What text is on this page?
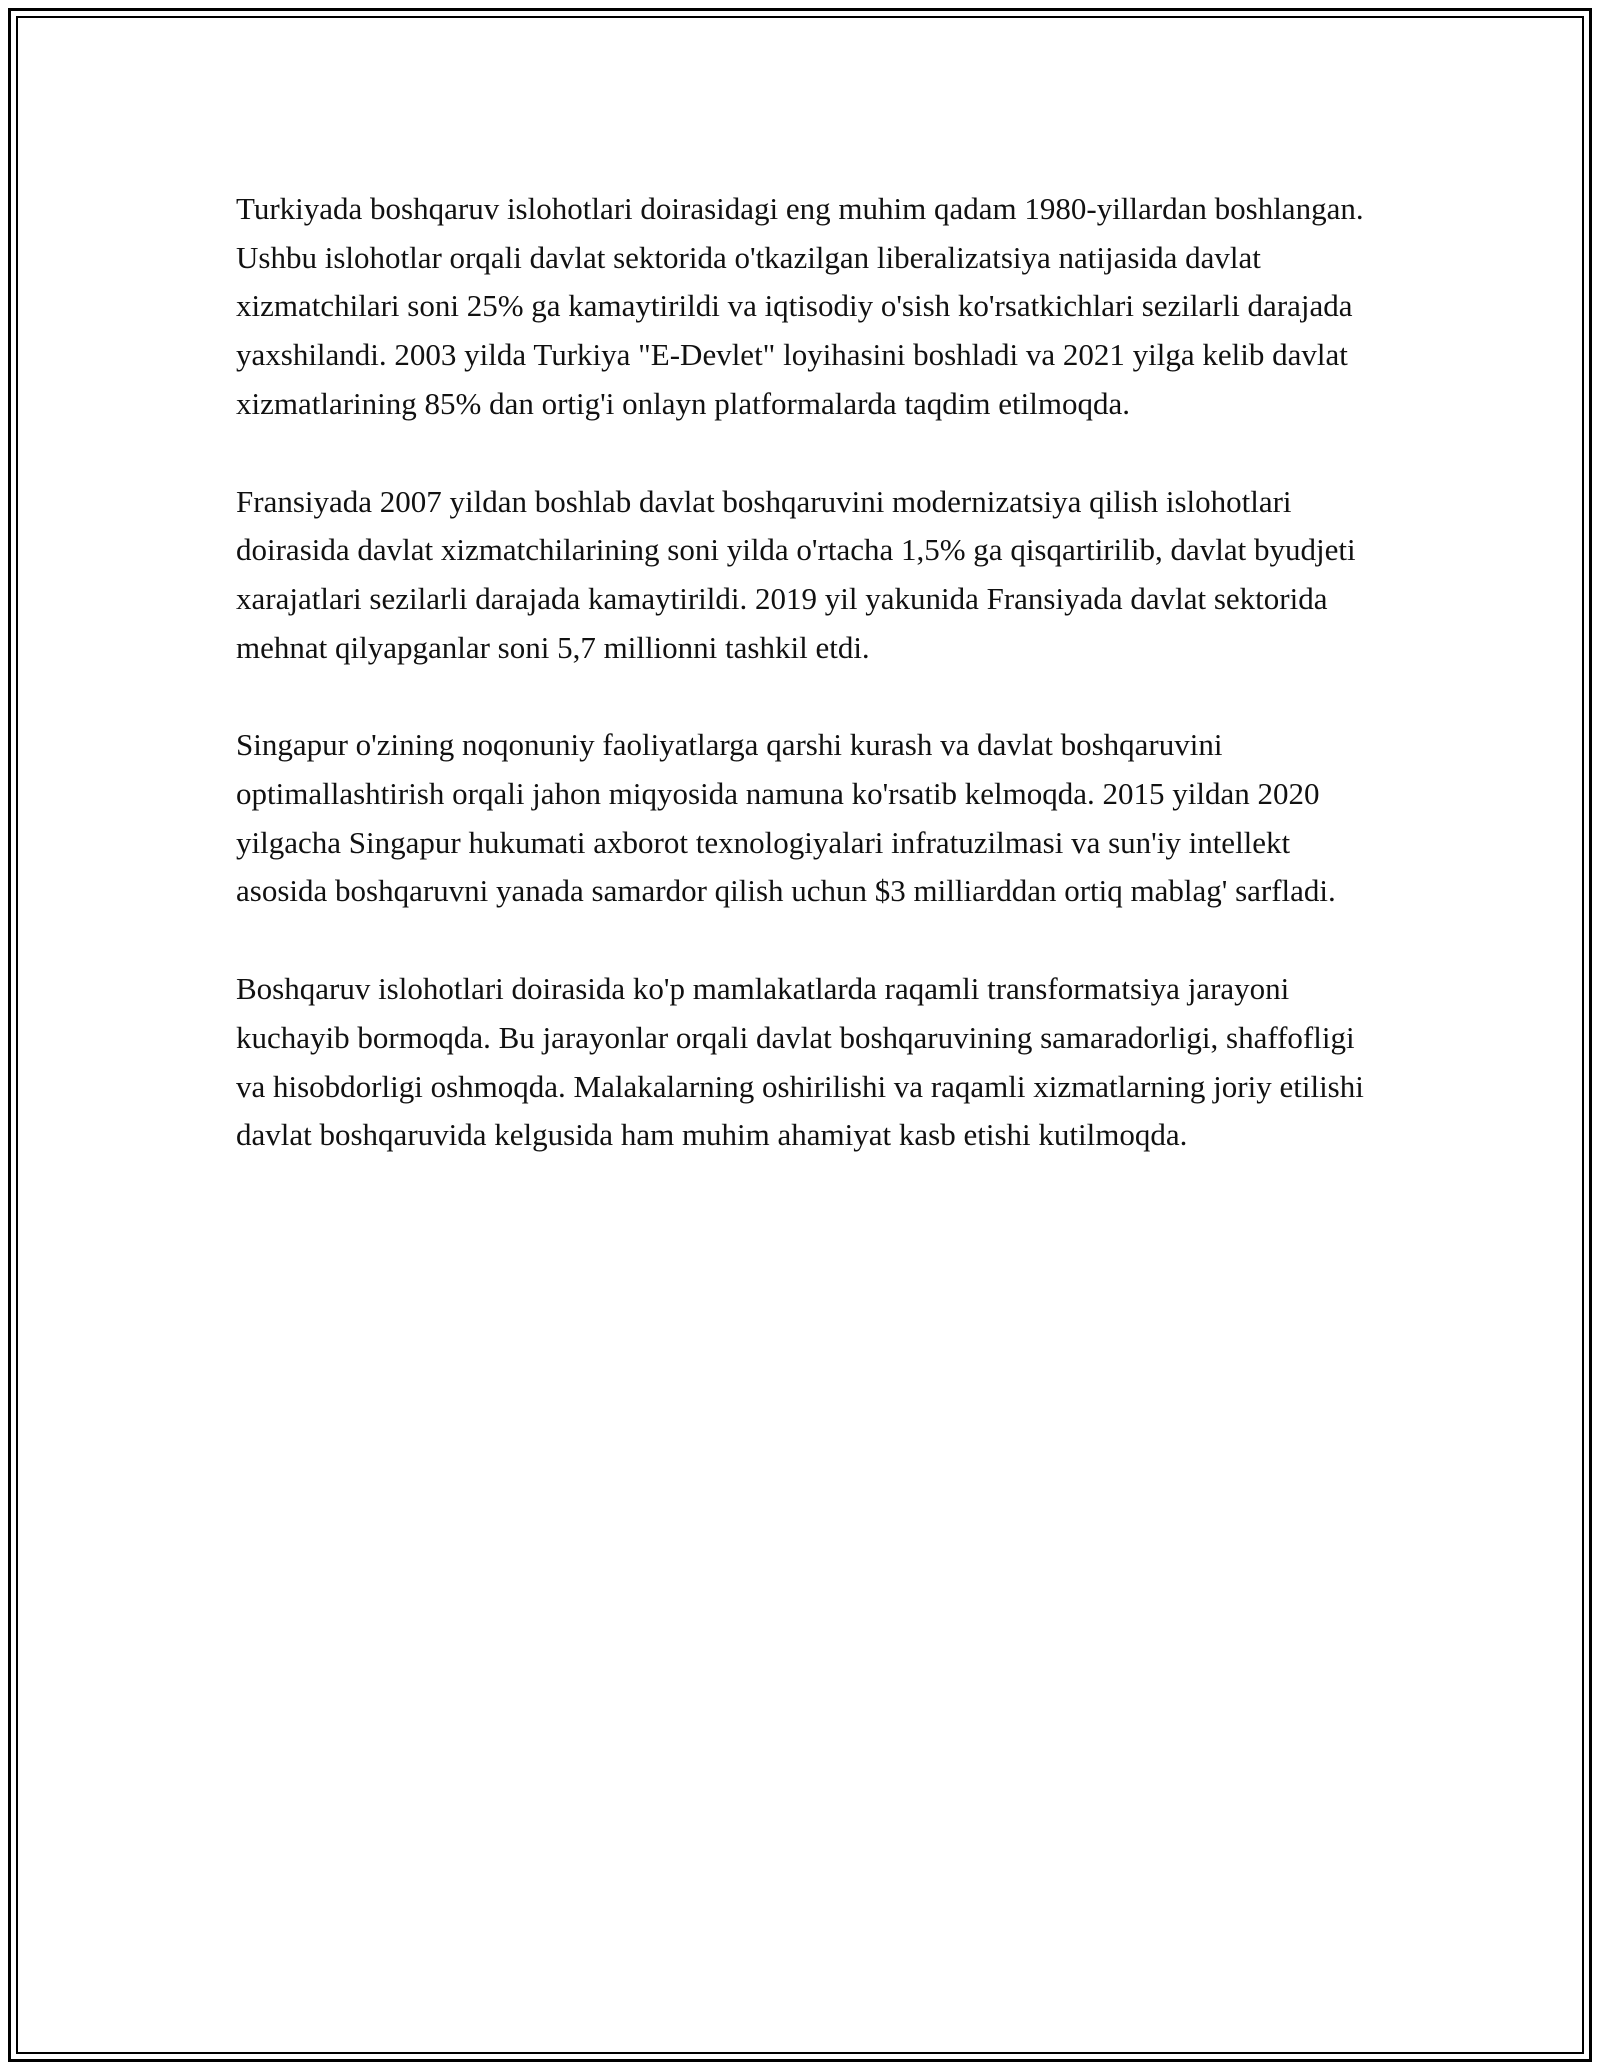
Turkiyada boshqaruv islohotlari doirasidagi eng muhim qadam 1980-yillardan boshlangan. Ushbu islohotlar orqali davlat sektorida o'tkazilgan liberalizatsiya natijasida davlat xizmatchilari soni 25% ga kamaytirildi va iqtisodiy o'sish ko'rsatkichlari sezilarli darajada yaxshilandi. 2003 yilda Turkiya "E-Devlet" loyihasini boshladi va 2021 yilga kelib davlat xizmatlarining 85% dan ortig'i onlayn platformalarda taqdim etilmoqda.

Fransiyada 2007 yildan boshlab davlat boshqaruvini modernizatsiya qilish islohotlari doirasida davlat xizmatchilarining soni yilda o'rtacha 1,5% ga qisqartirilib, davlat byudjeti xarajatlari sezilarli darajada kamaytirildi. 2019 yil yakunida Fransiyada davlat sektorida mehnat qilyapganlar soni 5,7 millionni tashkil etdi.

Singapur o'zining noqonuniy faoliyatlarga qarshi kurash va davlat boshqaruvini optimallashtirish orqali jahon miqyosida namuna ko'rsatib kelmoqda. 2015 yildan 2020 yilgacha Singapur hukumati axborot texnologiyalari infratuzilmasi va sun'iy intellekt asosida boshqaruvni yanada samardor qilish uchun $3 milliarddan ortiq mablag' sarfladi.

Boshqaruv islohotlari doirasida ko'p mamlakatlarda raqamli transformatsiya jarayoni kuchayib bormoqda. Bu jarayonlar orqali davlat boshqaruvining samaradorligi, shaffofligi va hisobdorligi oshmoqda. Malakalarning oshirilishi va raqamli xizmatlarning joriy etilishi davlat boshqaruvida kelgusida ham muhim ahamiyat kasb etishi kutilmoqda.
